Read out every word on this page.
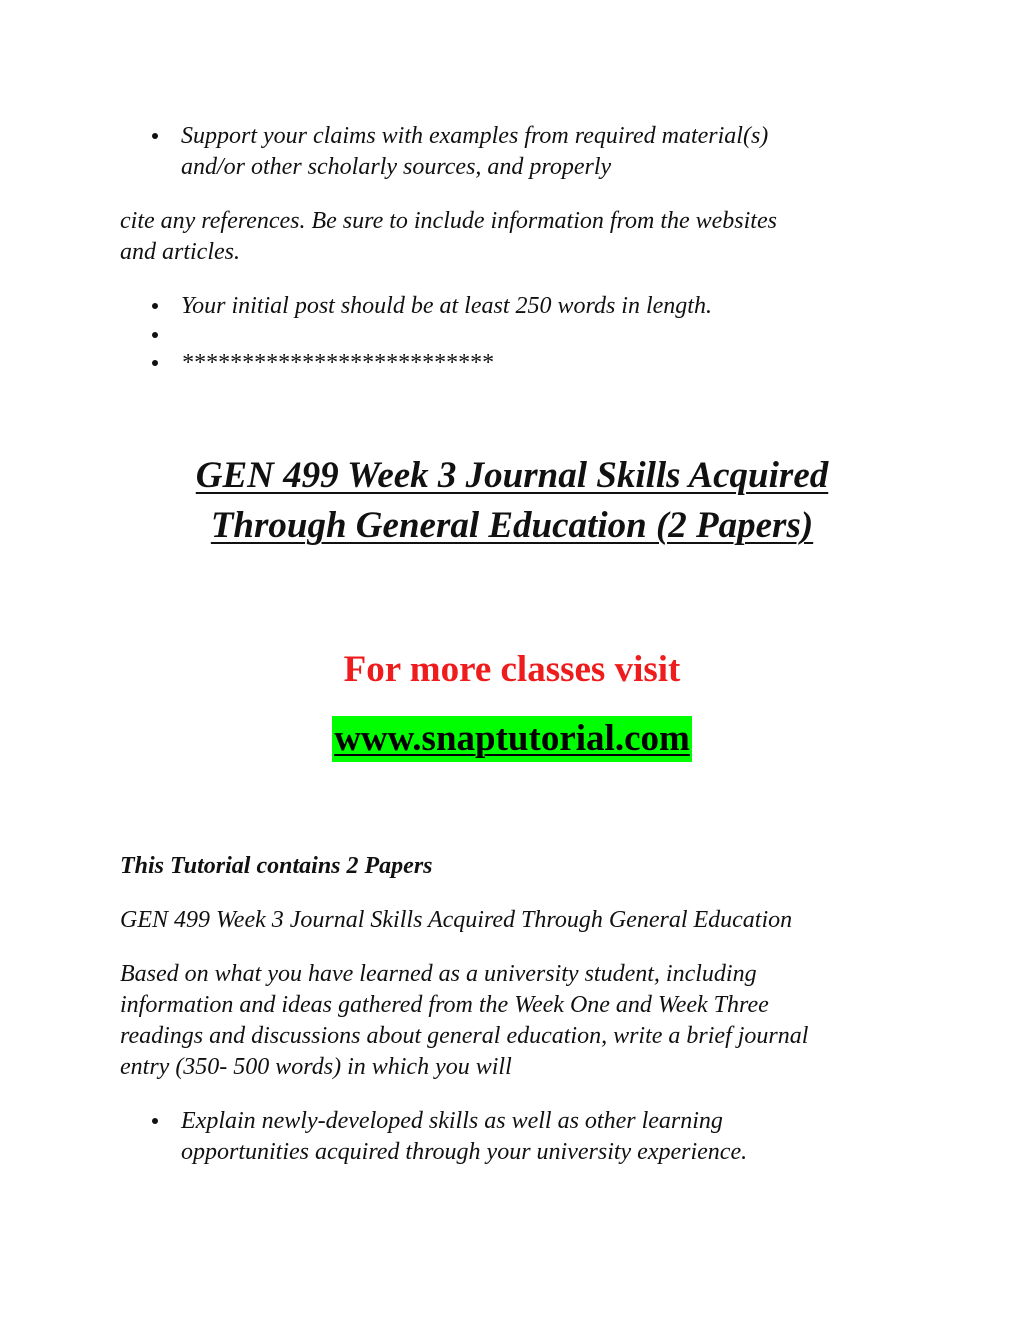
Support your claims with examples from required material(s)
and/or other scholarly sources, and properly
cite any references. Be sure to include information from the websites
and articles.
Your initial post should be at least 250 words in length.
**************************
GEN 499 Week 3 Journal Skills Acquired
Through General Education (2 Papers)

For more classes visit

www.snaptutorial.com
This Tutorial contains 2 Papers
GEN 499 Week 3 Journal Skills Acquired Through General Education
Based on what you have learned as a university student, including
information and ideas gathered from the Week One and Week Three
readings and discussions about general education, write a brief journal
entry (350- 500 words) in which you will
Explain newly-developed skills as well as other learning
opportunities acquired through your university experience.
